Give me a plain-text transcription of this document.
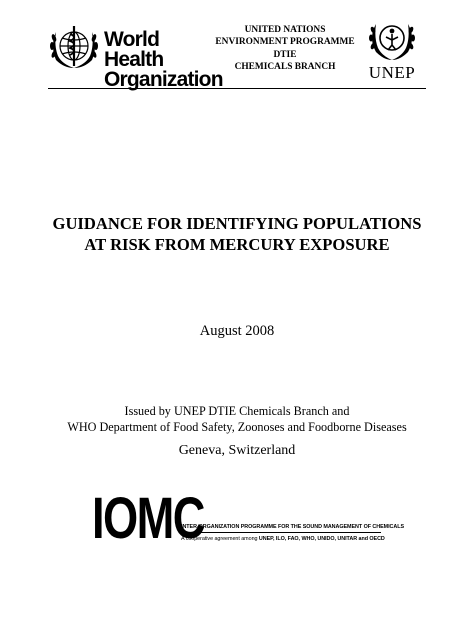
World Health
Organization
UNITED NATIONS
ENVIRONMENT PROGRAMME
DTIE
CHEMICALS BRANCH	UNEP
GUIDANCE FOR IDENTIFYING POPULATIONS
AT RISK FROM MERCURY EXPOSURE
August 2008
Issued by UNEP DTIE Chemicals Branch and
WHO Department of Food Safety, Zoonoses and Foodborne Diseases
Geneva, Switzerland
IOMC
INTER-ORGANIZATION PROGRAMME FOR THE SOUND MANAGEMENT OF CHEMICALS
A cooperative agreement among UNEP, ILO, FAO, WHO, UNIDO, UNITAR and OECD
